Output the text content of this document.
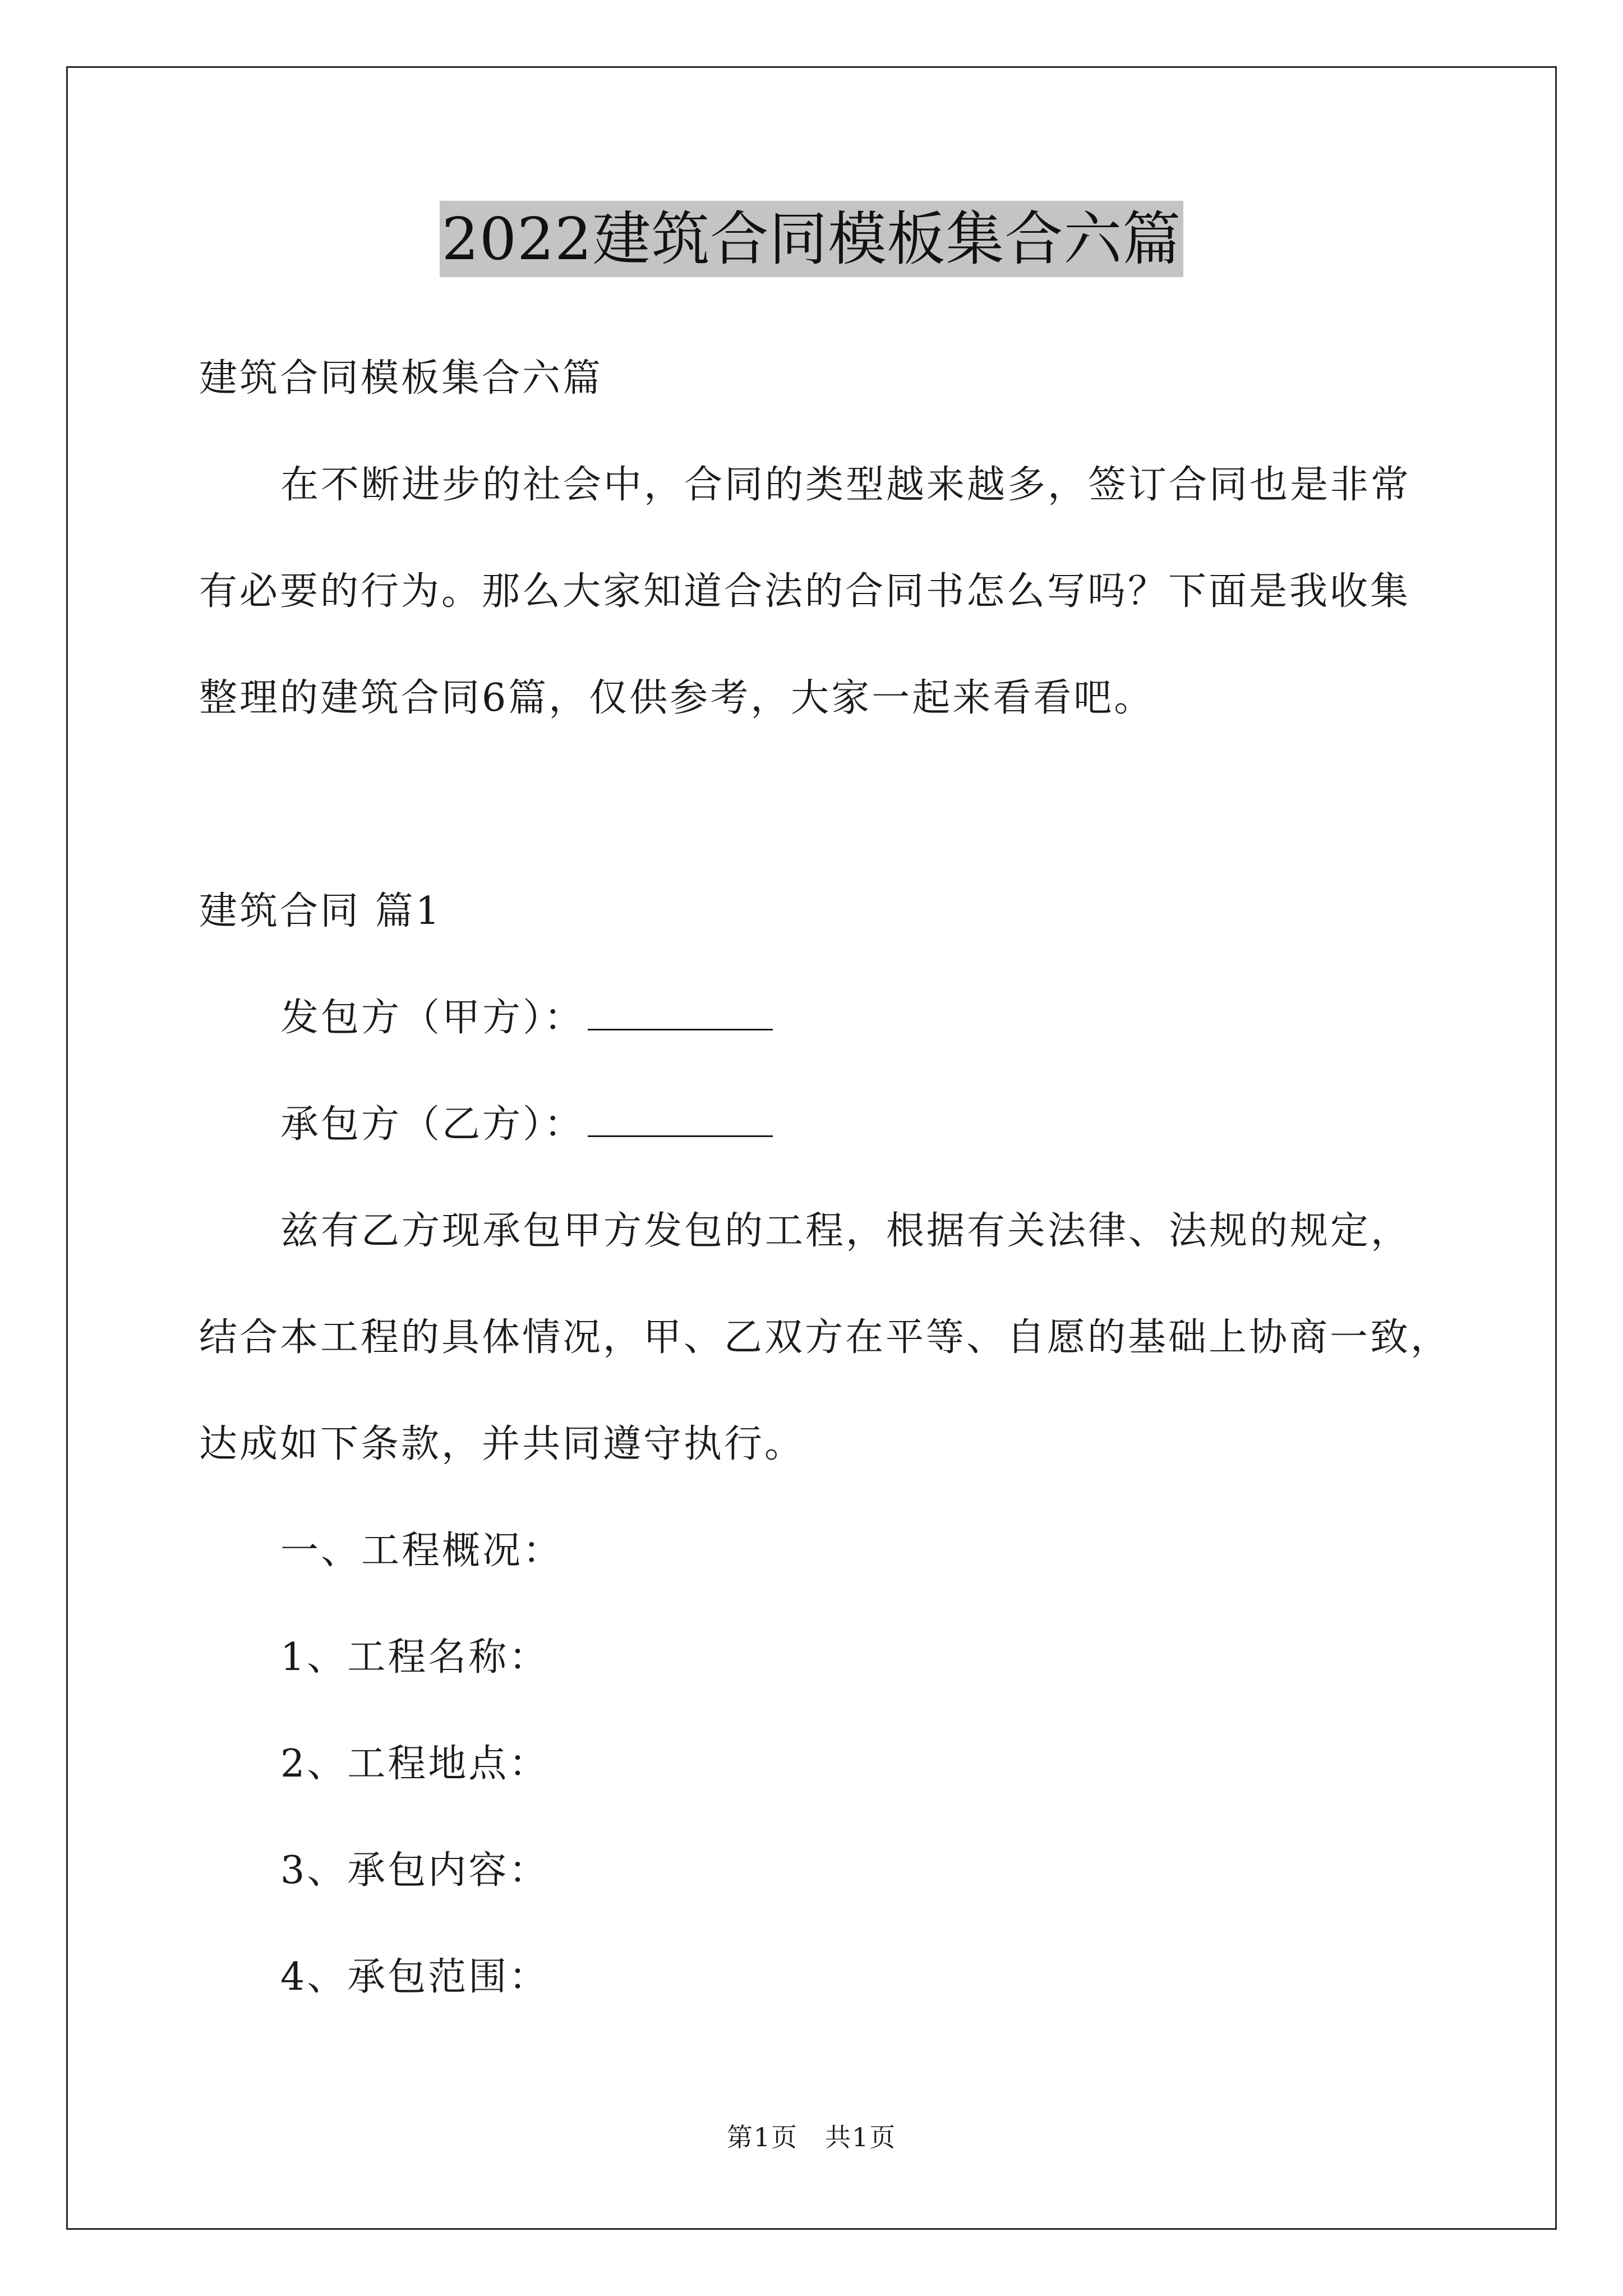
2022建筑合同模板集合六篇
建筑合同模板集合六篇
在不断进步的社会中，合同的类型越来越多，签订合同也是非常
有必要的行为。那么大家知道合法的合同书怎么写吗？下面是我收集
整理的建筑合同6篇，仅供参考，大家一起来看看吧。
建筑合同 篇1
发包方（甲方）：
承包方（乙方）：
兹有乙方现承包甲方发包的工程，根据有关法律、法规的规定，
结合本工程的具体情况，甲、乙双方在平等、自愿的基础上协商一致，
达成如下条款，并共同遵守执行。
一、工程概况：
1、工程名称：
2、工程地点：
3、承包内容：
4、承包范围：
第1页　共1页
